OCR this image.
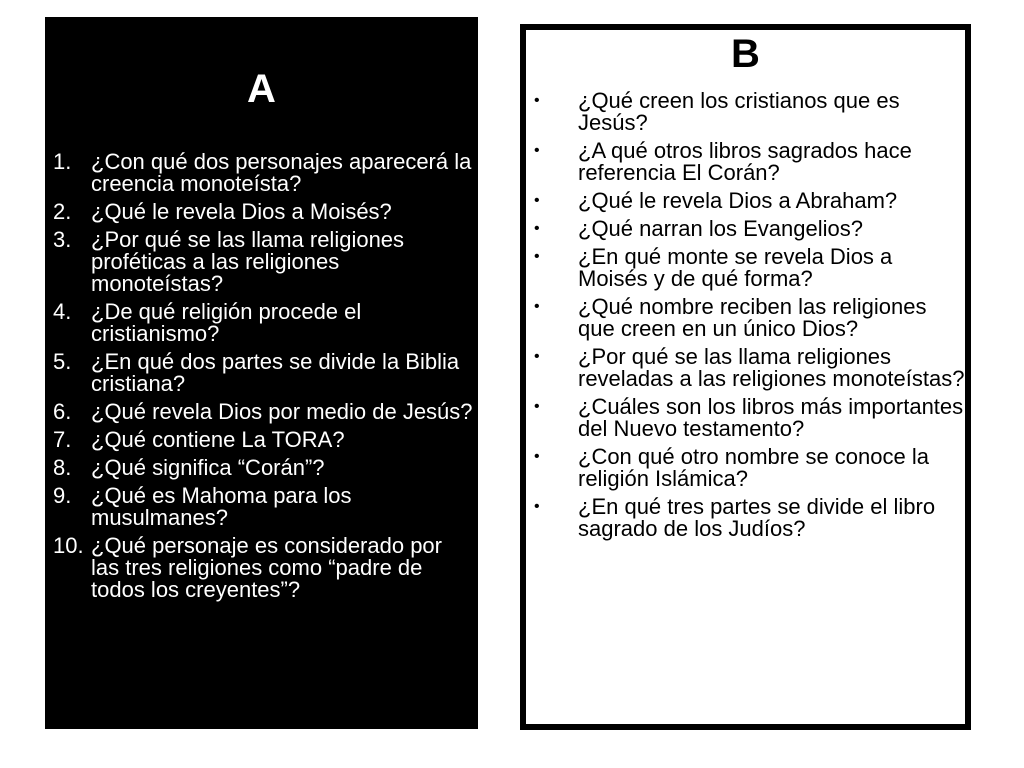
A
1. ¿Con qué dos personajes aparecerá la creencia monoteísta?
2. ¿Qué le revela Dios a Moisés?
3. ¿Por qué se las llama religiones proféticas a las religiones monoteístas?
4. ¿De qué religión procede el cristianismo?
5. ¿En qué dos partes se divide la Biblia cristiana?
6. ¿Qué revela Dios por medio de Jesús?
7. ¿Qué contiene La TORA?
8. ¿Qué significa “Corán”?
9. ¿Qué es Mahoma para los musulmanes?
10. ¿Qué personaje es considerado por las tres religiones como “padre de todos los creyentes”?
B
•	¿Qué creen los cristianos que es Jesús?
•	¿A qué otros libros sagrados hace referencia El Corán?
•	¿Qué le revela Dios a Abraham?
•	¿Qué narran los Evangelios?
•	¿En qué monte se revela Dios a Moisés y de qué forma?
•	¿Qué nombre reciben las religiones que creen en un único Dios?
•	¿Por qué se las llama religiones reveladas a las religiones monoteístas?
•	¿Cuáles son los libros más importantes del Nuevo testamento?
•	¿Con qué otro nombre se conoce la religión Islámica?
•	¿En qué tres partes se divide el libro sagrado de los Judíos?
